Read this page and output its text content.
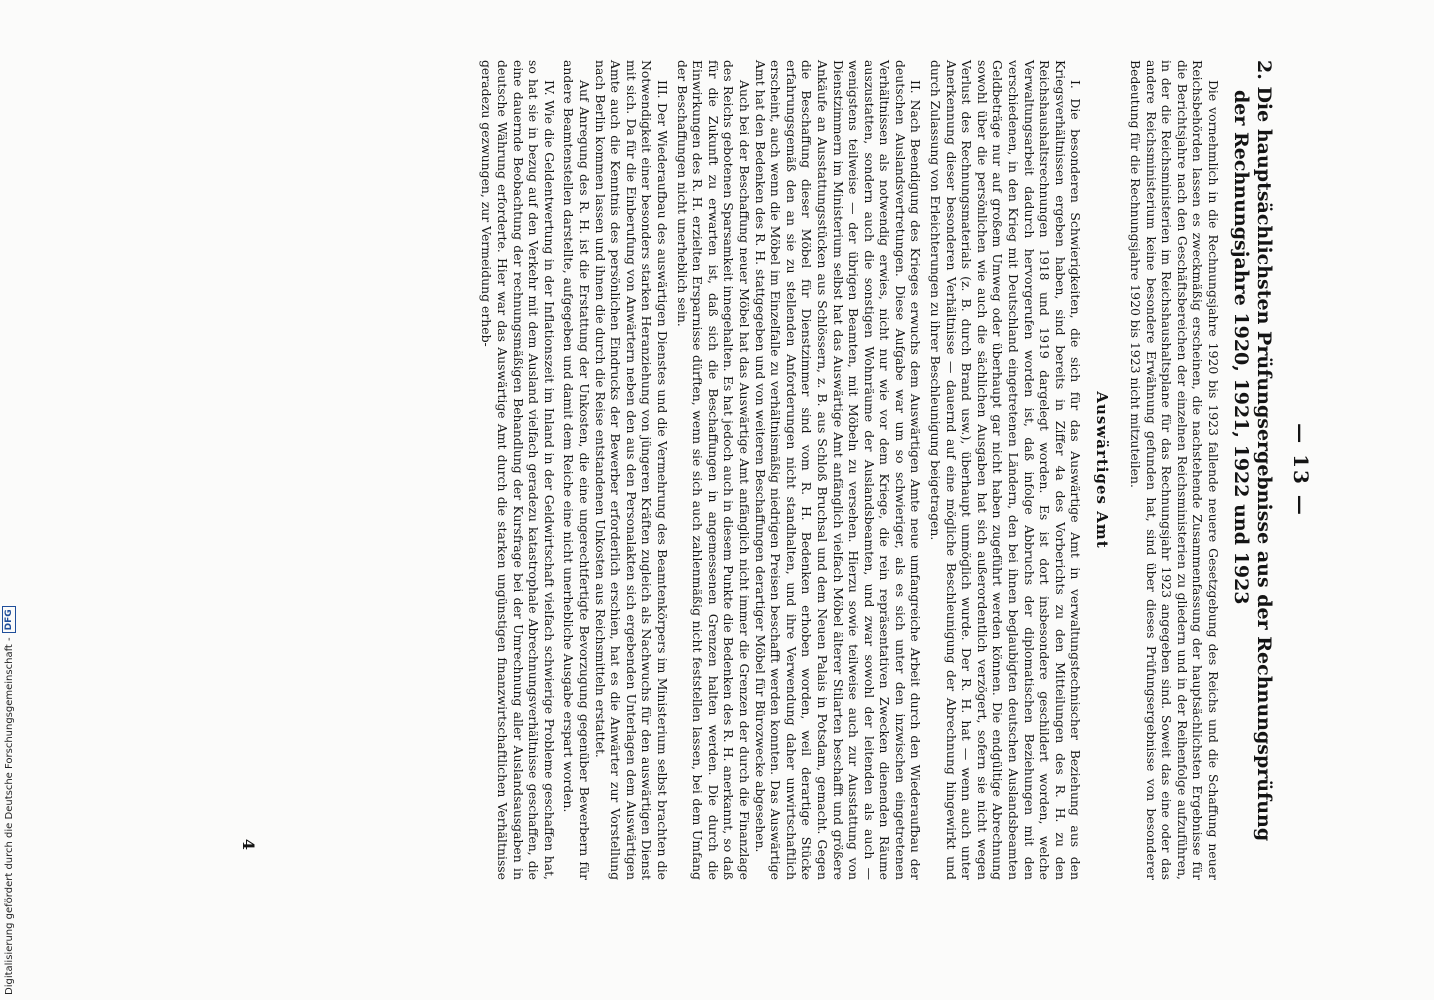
— 13 —
2. Die hauptsächlichsten Prüfungsergebnisse aus der Rechnungsprüfung der Rechnungsjahre 1920, 1921, 1922 und 1923

Die vornehmlich in die Rechnungsjahre 1920 bis 1923 fallende neuere Gesetzgebung des Reichs und die Schaffung neuer Reichsbehörden lassen es zweckmäßig erscheinen, die nachstehende Zusammenfassung der hauptsächlichsten Ergebnisse für die Berichtsjahre nach den Geschäftsbereichen der einzelnen Reichsministerien zu gliedern und in der Reihenfolge aufzuführen, in der die Reichsministerien im Reichshaushaltsplane für das Rechnungsjahr 1923 angegeben sind. Soweit das eine oder das andere Reichsministerium keine besondere Erwähnung gefunden hat, sind über dieses Prüfungsergebnisse von besonderer Bedeutung für die Rechnungsjahre 1920 bis 1923 nicht mitzuteilen.

Auswärtiges Amt

I. Die besonderen Schwierigkeiten, die sich für das Auswärtige Amt in verwaltungstechnischer Beziehung aus den Kriegsverhältnissen ergeben haben, sind bereits in Ziffer 4a des Vorberichts zu den Mitteilungen des R. H. zu den Reichshaushaltsrechnungen 1918 und 1919 dargelegt worden. Es ist dort insbesondere geschildert worden, welche Verwaltungsarbeit dadurch hervorgerufen worden ist, daß infolge Abbruchs der diplomatischen Beziehungen mit den verschiedenen, in den Krieg mit Deutschland eingetretenen Ländern, den bei ihnen beglaubigten deutschen Auslandsbeamten Geldbeträge nur auf großem Umweg oder überhaupt gar nicht haben zugeführt werden können. Die endgültige Abrechnung sowohl über die persönlichen wie auch die sächlichen Ausgaben hat sich außerordentlich verzögert, sofern sie nicht wegen Verlust des Rechnungsmaterials (z. B. durch Brand usw.), überhaupt unmöglich wurde. Der R. H. hat — wenn auch unter Anerkennung dieser besonderen Verhältnisse — dauernd auf eine mögliche Beschleunigung der Abrechnung hingewirkt und durch Zulassung von Erleichterungen zu ihrer Beschleunigung beigetragen.

II. Nach Beendigung des Krieges erwuchs dem Auswärtigen Amte neue umfangreiche Arbeit durch den Wiederaufbau der deutschen Auslandsvertretungen. Diese Aufgabe war um so schwieriger, als es sich unter den inzwischen eingetretenen Verhältnissen als notwendig erwies, nicht nur wie vor dem Kriege, die rein repräsentativen Zwecken dienenden Räume auszustatten, sondern auch die sonstigen Wohnräume der Auslandsbeamten, und zwar sowohl der leitenden als auch — wenigstens teilweise — der übrigen Beamten, mit Möbeln zu versehen. Hierzu sowie teilweise auch zur Ausstattung von Dienstzimmern im Ministerium selbst hat das Auswärtige Amt anfänglich vielfach Möbel älterer Stilarten beschafft und größere Ankäufe an Ausstattungsstücken aus Schlössern, z. B. aus Schloß Bruchsal und dem Neuen Palais in Potsdam, gemacht. Gegen die Beschaffung dieser Möbel für Dienstzimmer sind vom R. H. Bedenken erhoben worden, weil derartige Stücke erfahrungsgemäß den an sie zu stellenden Anforderungen nicht standhalten, und ihre Verwendung daher unwirtschaftlich erscheint, auch wenn die Möbel im Einzelfalle zu verhältnismäßig niedrigen Preisen beschafft werden konnten. Das Auswärtige Amt hat den Bedenken des R. H. stattgegeben und von weiteren Beschaffungen derartiger Möbel für Bürozwecke abgesehen.

Auch bei der Beschaffung neuer Möbel hat das Auswärtige Amt anfänglich nicht immer die Grenzen der durch die Finanzlage des Reichs gebotenen Sparsamkeit innegehalten. Es hat jedoch auch in diesem Punkte die Bedenken des R. H. anerkannt, so daß für die Zukunft zu erwarten ist, daß sich die Beschaffungen in angemessenen Grenzen halten werden. Die durch die Einwirkungen des R. H. erzielten Ersparnisse dürften, wenn sie sich auch zahlenmäßig nicht feststellen lassen, bei dem Umfang der Beschaffungen nicht unerheblich sein.

III. Der Wiederaufbau des auswärtigen Dienstes und die Vermehrung des Beamtenkörpers im Ministerium selbst brachten die Notwendigkeit einer besonders starken Heranziehung von jüngeren Kräften zugleich als Nachwuchs für den auswärtigen Dienst mit sich. Da für die Einberufung von Anwärtern neben den aus den Personalakten sich ergebenden Unterlagen dem Auswärtigen Amte auch die Kenntnis des persönlichen Eindrucks der Bewerber erforderlich erschien, hat es die Anwärter zur Vorstellung nach Berlin kommen lassen und ihnen die durch die Reise entstandenen Unkosten aus Reichsmitteln erstattet.

Auf Anregung des R. H. ist die Erstattung der Unkosten, die eine ungerechtfertigte Bevorzugung gegenüber Bewerbern für andere Beamtenstellen darstellte, aufgegeben und damit dem Reiche eine nicht unerhebliche Ausgabe erspart worden.

IV. Wie die Geldentwertung in der Inflationszeit im Inland in der Geldwirtschaft vielfach schwierige Probleme geschaffen hat, so hat sie in bezug auf den Verkehr mit dem Ausland vielfach geradezu katastrophale Abrechnungsverhältnisse geschaffen, die eine dauernde Beobachtung der rechnungsmäßigen Behandlung der Kursfrage bei der Umrechnung aller Auslandsausgaben in deutsche Währung erforderte. Hier war das Auswärtige Amt durch die starken ungünstigen finanzwirtschaftlichen Verhältnisse geradezu gezwungen, zur Vermeidung erheb-

4
Digitalisierung gefördert durch die Deutsche Forschungsgemeinschaft -
DFG
